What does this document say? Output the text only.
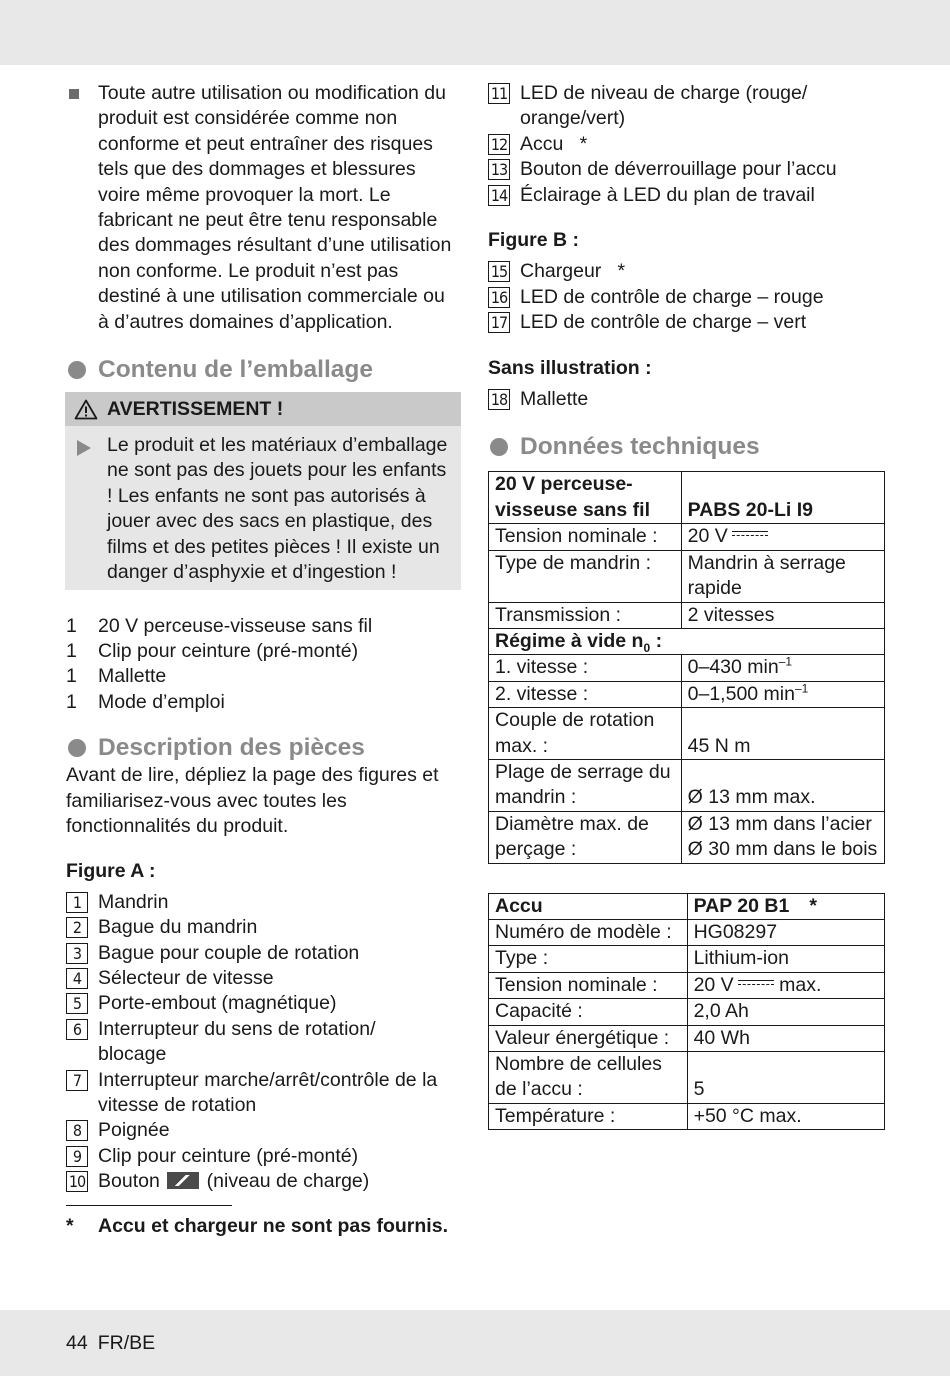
Toute autre utilisation ou modification du produit est considérée comme non conforme et peut entraîner des risques tels que des dommages et blessures voire même provoquer la mort. Le fabricant ne peut être tenu responsable des dommages résultant d’une utilisation non conforme. Le produit n’est pas destiné à une utilisation commerciale ou à d’autres domaines d’application.
Contenu de l’emballage
AVERTISSEMENT !
Le produit et les matériaux d’emballage ne sont pas des jouets pour les enfants ! Les enfants ne sont pas autorisés à jouer avec des sacs en plastique, des films et des petites pièces ! Il existe un danger d’asphyxie et d’ingestion !
1	20 V perceuse-visseuse sans fil
1	Clip pour ceinture (pré-monté)
1	Mallette
1	Mode d’emploi
Description des pièces
Avant de lire, dépliez la page des figures et familiarisez-vous avec toutes les fonctionnalités du produit.
Figure A :
1 Mandrin
2 Bague du mandrin
3 Bague pour couple de rotation
4 Sélecteur de vitesse
5 Porte-embout (magnétique)
6 Interrupteur du sens de rotation/ blocage
7 Interrupteur marche/arrêt/contrôle de la vitesse de rotation
8 Poignée
9 Clip pour ceinture (pré-monté)
10 Bouton (niveau de charge)
*	Accu et chargeur ne sont pas fournis.
11 LED de niveau de charge (rouge/ orange/vert)
12 Accu   *
13 Bouton de déverrouillage pour l’accu
14 Éclairage à LED du plan de travail
Figure B :
15 Chargeur   *
16 LED de contrôle de charge – rouge
17 LED de contrôle de charge – vert
Sans illustration :
18 Mallette
Données techniques
20 V perceuse-visseuse sans fil	PABS 20-Li I9
Tension nominale :	20 V
Type de mandrin :	Mandrin à serrage rapide
Transmission :	2 vitesses
Régime à vide $n_0$ :	
1. vitesse :	0–430 $\min^{-1}$
2. vitesse :	0–1,500 $\min^{-1}$
Couple de rotation max. :	45 N m
Plage de serrage du mandrin :	Ø 13 mm max.
Diamètre max. de perçage :	Ø 13 mm dans l’acier
Ø 30 mm dans le bois
Accu	PAP 20 B1 *
Numéro de modèle :	HG08297
Type :	Lithium-ion
Tension nominale :	20 V max.
Capacité :	2,0 Ah
Valeur énergétique :	40 Wh
Nombre de cellules de l’accu :	5
Température :	+50 °C max.
44 FR/BE
